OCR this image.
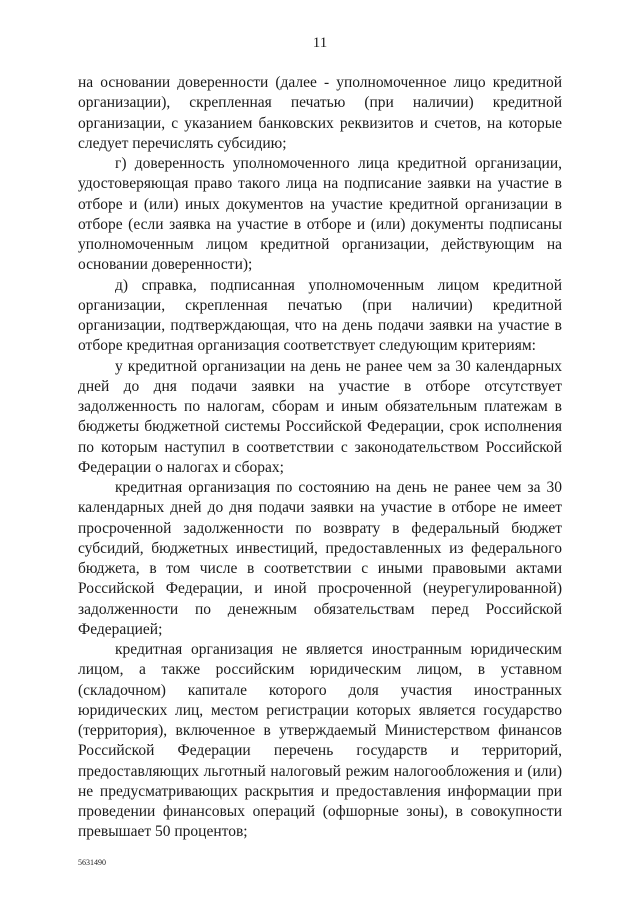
11

на основании доверенности (далее - уполномоченное лицо кредитной организации), скрепленная печатью (при наличии) кредитной организации, с указанием банковских реквизитов и счетов, на которые следует перечислять субсидию;

г) доверенность уполномоченного лица кредитной организации, удостоверяющая право такого лица на подписание заявки на участие в отборе и (или) иных документов на участие кредитной организации в отборе (если заявка на участие в отборе и (или) документы подписаны уполномоченным лицом кредитной организации, действующим на основании доверенности);

д) справка, подписанная уполномоченным лицом кредитной организации, скрепленная печатью (при наличии) кредитной организации, подтверждающая, что на день подачи заявки на участие в отборе кредитная организация соответствует следующим критериям:

у кредитной организации на день не ранее чем за 30 календарных дней до дня подачи заявки на участие в отборе отсутствует задолженность по налогам, сборам и иным обязательным платежам в бюджеты бюджетной системы Российской Федерации, срок исполнения по которым наступил в соответствии с законодательством Российской Федерации о налогах и сборах;

кредитная организация по состоянию на день не ранее чем за 30 календарных дней до дня подачи заявки на участие в отборе не имеет просроченной задолженности по возврату в федеральный бюджет субсидий, бюджетных инвестиций, предоставленных из федерального бюджета, в том числе в соответствии с иными правовыми актами Российской Федерации, и иной просроченной (неурегулированной) задолженности по денежным обязательствам перед Российской Федерацией;

кредитная организация не является иностранным юридическим лицом, а также российским юридическим лицом, в уставном (складочном) капитале которого доля участия иностранных юридических лиц, местом регистрации которых является государство (территория), включенное в утверждаемый Министерством финансов Российской Федерации перечень государств и территорий, предоставляющих льготный налоговый режим налогообложения и (или) не предусматривающих раскрытия и предоставления информации при проведении финансовых операций (офшорные зоны), в совокупности превышает 50 процентов;

5631490
